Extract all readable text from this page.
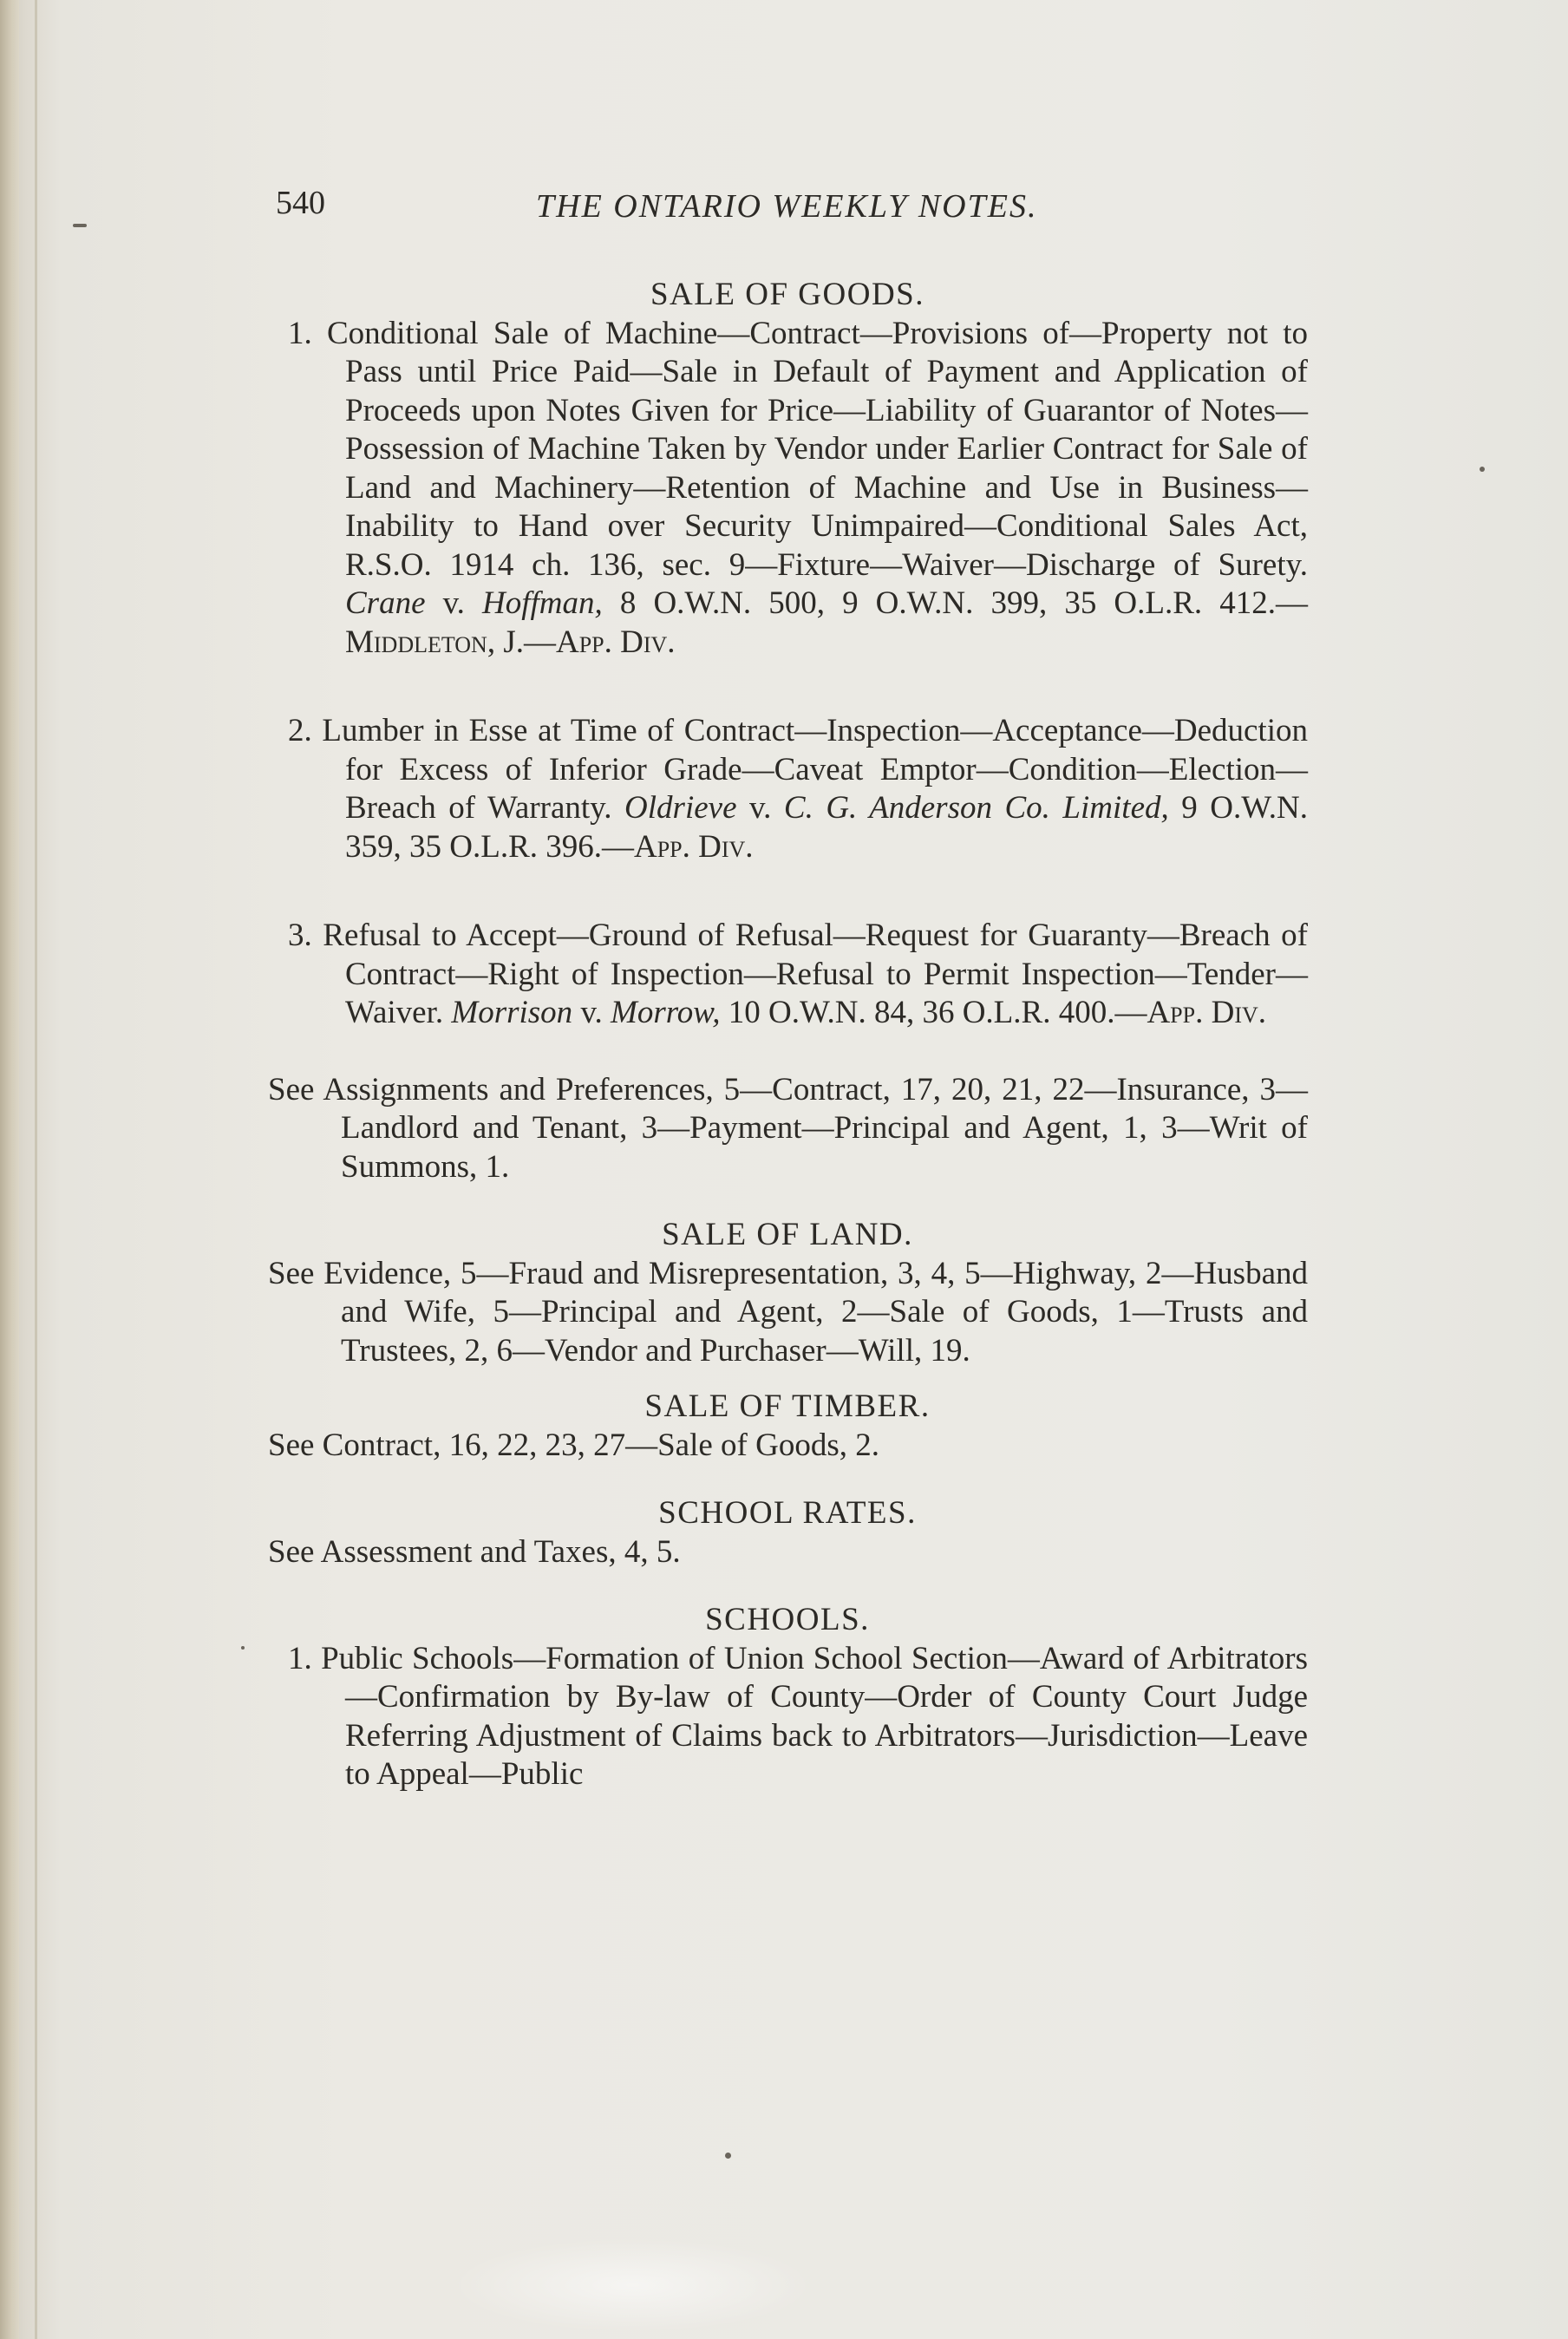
540	THE ONTARIO WEEKLY NOTES.

SALE OF GOODS.

1. Conditional Sale of Machine—Contract—Provisions of—Property not to Pass until Price Paid—Sale in Default of Payment and Application of Proceeds upon Notes Given for Price—Liability of Guarantor of Notes—Possession of Machine Taken by Vendor under Earlier Contract for Sale of Land and Machinery—Retention of Machine and Use in Business—Inability to Hand over Security Unimpaired—Conditional Sales Act, R.S.O. 1914 ch. 136, sec. 9—Fixture—Waiver—Discharge of Surety. Crane v. Hoffman, 8 O.W.N. 500, 9 O.W.N. 399, 35 O.L.R. 412.—Middleton, J.—App. Div.

2. Lumber in Esse at Time of Contract—Inspection—Acceptance—Deduction for Excess of Inferior Grade—Caveat Emptor—Condition—Election—Breach of Warranty. Oldrieve v. C. G. Anderson Co. Limited, 9 O.W.N. 359, 35 O.L.R. 396.—App. Div.

3. Refusal to Accept—Ground of Refusal—Request for Guaranty—Breach of Contract—Right of Inspection—Refusal to Permit Inspection—Tender—Waiver. Morrison v. Morrow, 10 O.W.N. 84, 36 O.L.R. 400.—App. Div.

See Assignments and Preferences, 5—Contract, 17, 20, 21, 22—Insurance, 3—Landlord and Tenant, 3—Payment—Principal and Agent, 1, 3—Writ of Summons, 1.

SALE OF LAND.

See Evidence, 5—Fraud and Misrepresentation, 3, 4, 5—Highway, 2—Husband and Wife, 5—Principal and Agent, 2—Sale of Goods, 1—Trusts and Trustees, 2, 6—Vendor and Purchaser—Will, 19.

SALE OF TIMBER.

See Contract, 16, 22, 23, 27—Sale of Goods, 2.

SCHOOL RATES.

See Assessment and Taxes, 4, 5.

SCHOOLS.

1. Public Schools—Formation of Union School Section—Award of Arbitrators—Confirmation by By-law of County—Order of County Court Judge Referring Adjustment of Claims back to Arbitrators—Jurisdiction—Leave to Appeal—Public
